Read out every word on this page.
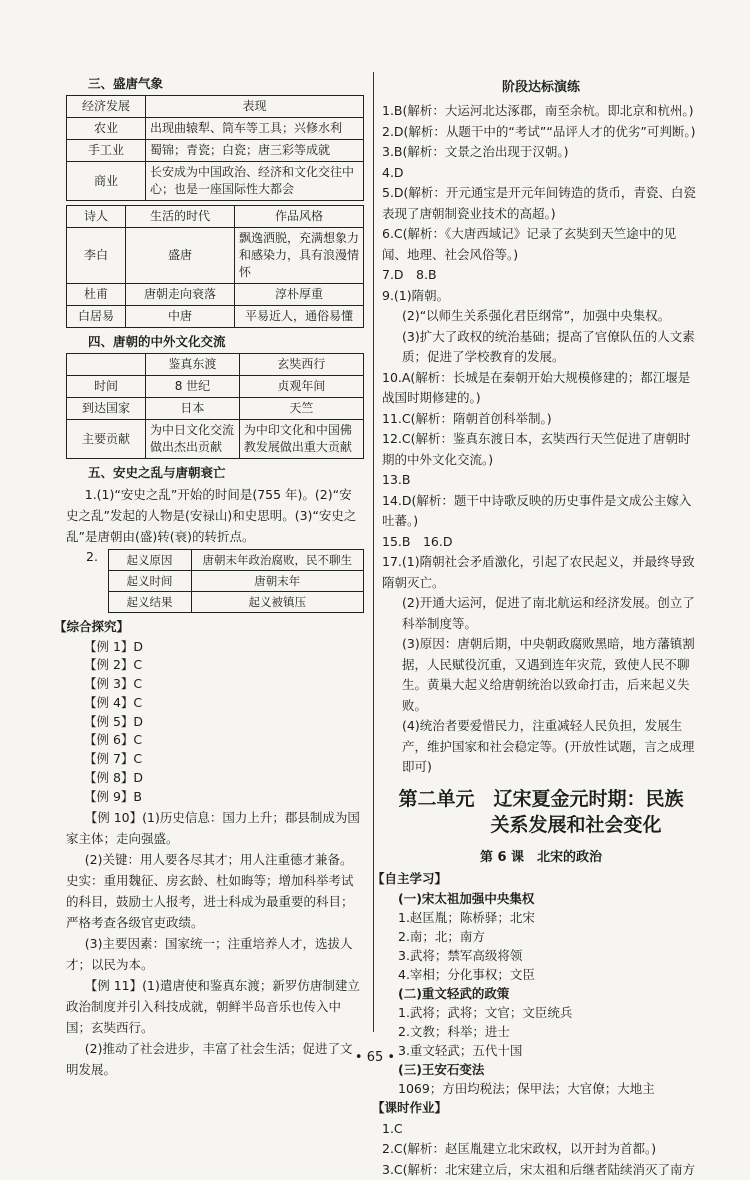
三、盛唐气象
经济发展	表现
农业	出现曲辕犁、筒车等工具；兴修水利
手工业	蜀锦；青瓷；白瓷；唐三彩等成就
商业	长安成为中国政治、经济和文化交往中心；也是一座国际性大都会
诗人	生活的时代	作品风格
李白	盛唐	飘逸洒脱，充满想象力和感染力，具有浪漫情怀
杜甫	唐朝走向衰落	淳朴厚重
白居易	中唐	平易近人，通俗易懂
四、唐朝的中外文化交流
	鉴真东渡	玄奘西行
时间	8 世纪	贞观年间
到达国家	日本	天竺
主要贡献	为中日文化交流做出杰出贡献	为中印文化和中国佛教发展做出重大贡献
五、安史之乱与唐朝衰亡

1.(1)“安史之乱”开始的时间是(755 年)。(2)“安史之乱”发起的人物是(安禄山)和史思明。(3)“安史之乱”是唐朝由(盛)转(衰)的转折点。

2.	起义原因	唐朝末年政治腐败，民不聊生
起义时间	唐朝末年
起义结果	起义被镇压

【综合探究】

【例 1】D

【例 2】C

【例 3】C

【例 4】C

【例 5】D

【例 6】C

【例 7】C

【例 8】D

【例 9】B

【例 10】(1)历史信息：国力上升；郡县制成为国家主体；走向强盛。

(2)关键：用人要各尽其才；用人注重德才兼备。史实：重用魏征、房玄龄、杜如晦等；增加科举考试的科目，鼓励士人报考，进士科成为最重要的科目；严格考查各级官吏政绩。

(3)主要因素：国家统一；注重培养人才，选拔人才；以民为本。

【例 11】(1)遣唐使和鉴真东渡；新罗仿唐制建立政治制度并引入科技成就，朝鲜半岛音乐也传入中国；玄奘西行。

(2)推动了社会进步，丰富了社会生活；促进了文明发展。

阶段达标演练

1.B(解析：大运河北达涿郡，南至余杭。即北京和杭州。)

2.D(解析：从题干中的“考试”“品评人才的优劣”可判断。)

3.B(解析：文景之治出现于汉朝。)

4.D

5.D(解析：开元通宝是开元年间铸造的货币，青瓷、白瓷表现了唐朝制瓷业技术的高超。)

6.C(解析：《大唐西域记》记录了玄奘到天竺途中的见闻、地理、社会风俗等。)

7.D　8.B

9.(1)隋朝。

(2)“以师生关系强化君臣纲常”，加强中央集权。

(3)扩大了政权的统治基础；提高了官僚队伍的人文素质；促进了学校教育的发展。

10.A(解析：长城是在秦朝开始大规模修建的；都江堰是战国时期修建的。)

11.C(解析：隋朝首创科举制。)

12.C(解析：鉴真东渡日本，玄奘西行天竺促进了唐朝时期的中外文化交流。)

13.B

14.D(解析：题干中诗歌反映的历史事件是文成公主嫁入吐蕃。)

15.B　16.D

17.(1)隋朝社会矛盾激化，引起了农民起义，并最终导致隋朝灭亡。

(2)开通大运河，促进了南北航运和经济发展。创立了科举制度等。

(3)原因：唐朝后期，中央朝政腐败黑暗，地方藩镇割据，人民赋役沉重，又遇到连年灾荒，致使人民不聊生。黄巢大起义给唐朝统治以致命打击，后来起义失败。

(4)统治者要爱惜民力，注重减轻人民负担，发展生产，维护国家和社会稳定等。(开放性试题，言之成理即可)

第二单元　辽宋夏金元时期：民族
关系发展和社会变化
第 6 课　北宋的政治

【自主学习】

(一)宋太祖加强中央集权

1.赵匡胤；陈桥驿；北宋

2.南；北；南方

3.武将；禁军高级将领

4.宰相；分化事权；文臣

(二)重文轻武的政策

1.武将；武将；文官；文臣统兵

2.文教；科举；进士

3.重文轻武；五代十国

(三)王安石变法

1069；方田均税法；保甲法；大官僚；大地主

【课时作业】

1.C

2.C(解析：赵匡胤建立北宋政权，以开封为首都。)

3.C(解析：北宋建立后，宋太祖和后继者陆续消灭了南方

• 65 •
